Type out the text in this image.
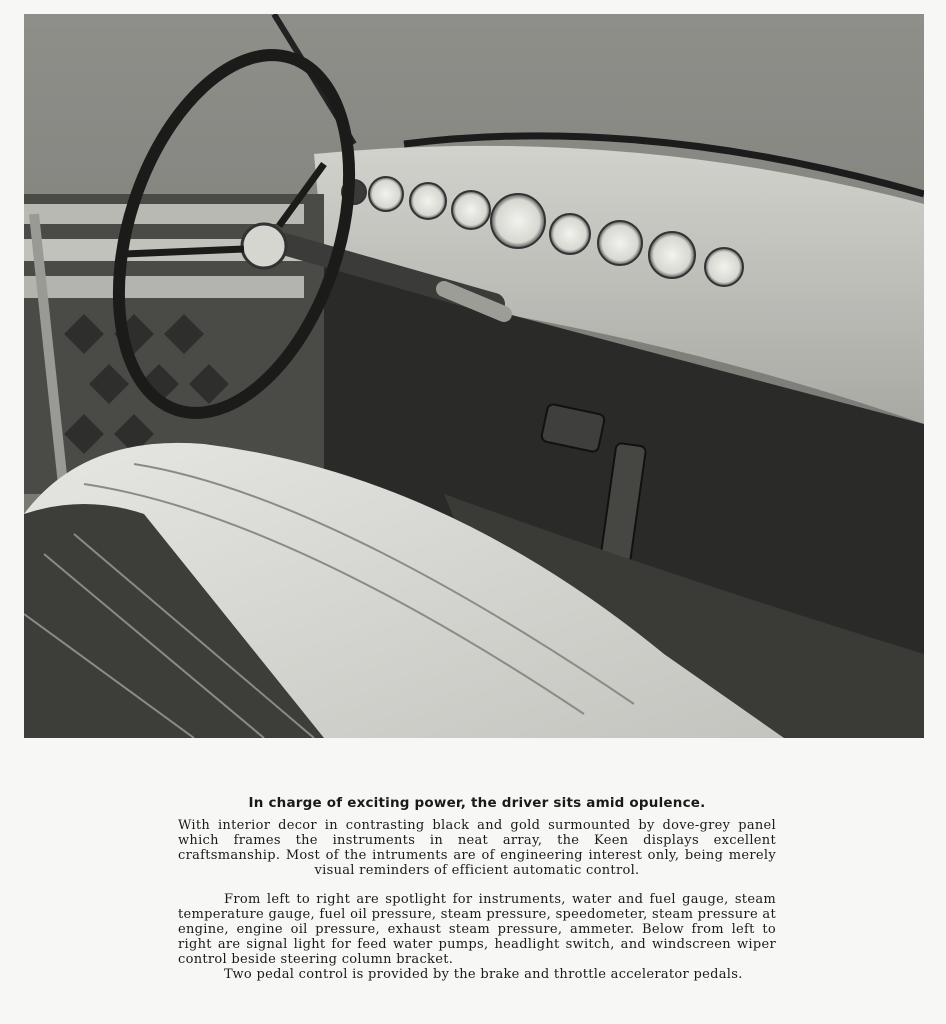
In charge of exciting power, the driver sits amid opulence.

With interior decor in contrasting black and gold surmounted by dove-grey panel which frames the instruments in neat array, the Keen displays excellent craftsmanship. Most of the intruments are of engineering interest only, being merely visual reminders of efficient automatic control.

From left to right are spotlight for instruments, water and fuel gauge, steam temperature gauge, fuel oil pressure, steam pressure, speedometer, steam pressure at engine, engine oil pressure, exhaust steam pressure, ammeter. Below from left to right are signal light for feed water pumps, headlight switch, and windscreen wiper control beside steering column bracket.

Two pedal control is provided by the brake and throttle accelerator pedals.
